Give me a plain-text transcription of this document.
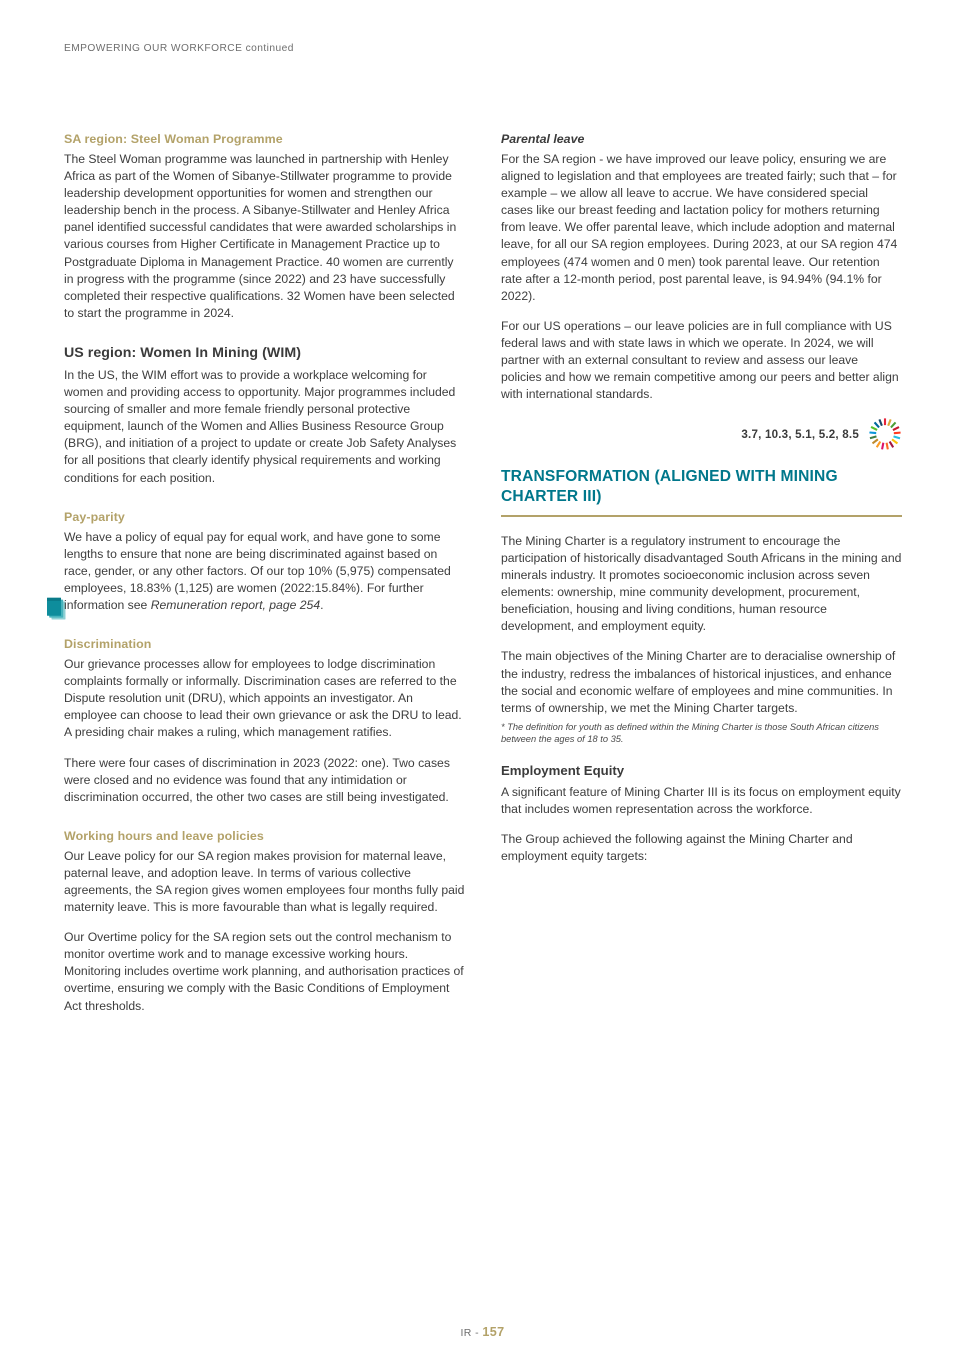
EMPOWERING OUR WORKFORCE continued
SA region: Steel Woman Programme

The Steel Woman programme was launched in partnership with Henley Africa as part of the Women of Sibanye-Stillwater programme to provide leadership development opportunities for women and strengthen our leadership bench in the process. A Sibanye-Stillwater and Henley Africa panel identified successful candidates that were awarded scholarships in various courses from Higher Certificate in Management Practice up to Postgraduate Diploma in Management Practice. 40 women are currently in progress with the programme (since 2022) and 23 have successfully completed their respective qualifications. 32 Women have been selected to start the programme in 2024.

US region: Women In Mining (WIM)

In the US, the WIM effort was to provide a workplace welcoming for women and providing access to opportunity. Major programmes included sourcing of smaller and more female friendly personal protective equipment, launch of the Women and Allies Business Resource Group (BRG), and initiation of a project to update or create Job Safety Analyses for all positions that clearly identify physical requirements and working conditions for each position.

Pay-parity

We have a policy of equal pay for equal work, and have gone to some lengths to ensure that none are being discriminated against based on race, gender, or any other factors. Of our top 10% (5,975) compensated employees, 18.83% (1,125) are women (2022:15.84%). For further information see Remuneration report, page 254.

Discrimination

Our grievance processes allow for employees to lodge discrimination complaints formally or informally. Discrimination cases are referred to the Dispute resolution unit (DRU), which appoints an investigator. An employee can choose to lead their own grievance or ask the DRU to lead. A presiding chair makes a ruling, which management ratifies.

There were four cases of discrimination in 2023 (2022: one). Two cases were closed and no evidence was found that any intimidation or discrimination occurred, the other two cases are still being investigated.

Working hours and leave policies

Our Leave policy for our SA region makes provision for maternal leave, paternal leave, and adoption leave. In terms of various collective agreements, the SA region gives women employees four months fully paid maternity leave. This is more favourable than what is legally required.

Our Overtime policy for the SA region sets out the control mechanism to monitor overtime work and to manage excessive working hours. Monitoring includes overtime work planning, and authorisation practices of overtime, ensuring we comply with the Basic Conditions of Employment Act thresholds.

Parental leave

For the SA region - we have improved our leave policy, ensuring we are aligned to legislation and that employees are treated fairly; such that – for example – we allow all leave to accrue. We have considered special cases like our breast feeding and lactation policy for mothers returning from leave. We offer parental leave, which include adoption and maternal leave, for all our SA region employees. During 2023, at our SA region 474 employees (474 women and 0 men) took parental leave. Our retention rate after a 12-month period, post parental leave, is 94.94% (94.1% for 2022).

For our US operations – our leave policies are in full compliance with US federal laws and with state laws in which we operate. In 2024, we will partner with an external consultant to review and assess our leave policies and how we remain competitive among our peers and better align with international standards.

3.7, 10.3, 5.1, 5.2, 8.5
TRANSFORMATION (ALIGNED WITH MINING CHARTER III)

The Mining Charter is a regulatory instrument to encourage the participation of historically disadvantaged South Africans in the mining and minerals industry. It promotes socioeconomic inclusion across seven elements: ownership, mine community development, procurement, beneficiation, housing and living conditions, human resource development, and employment equity.

The main objectives of the Mining Charter are to deracialise ownership of the industry, redress the imbalances of historical injustices, and enhance the social and economic welfare of employees and mine communities. In terms of ownership, we met the Mining Charter targets.

* The definition for youth as defined within the Mining Charter is those South African citizens between the ages of 18 to 35.

Employment Equity

A significant feature of Mining Charter III is its focus on employment equity that includes women representation across the workforce.

The Group achieved the following against the Mining Charter and employment equity targets:

IR - 157
